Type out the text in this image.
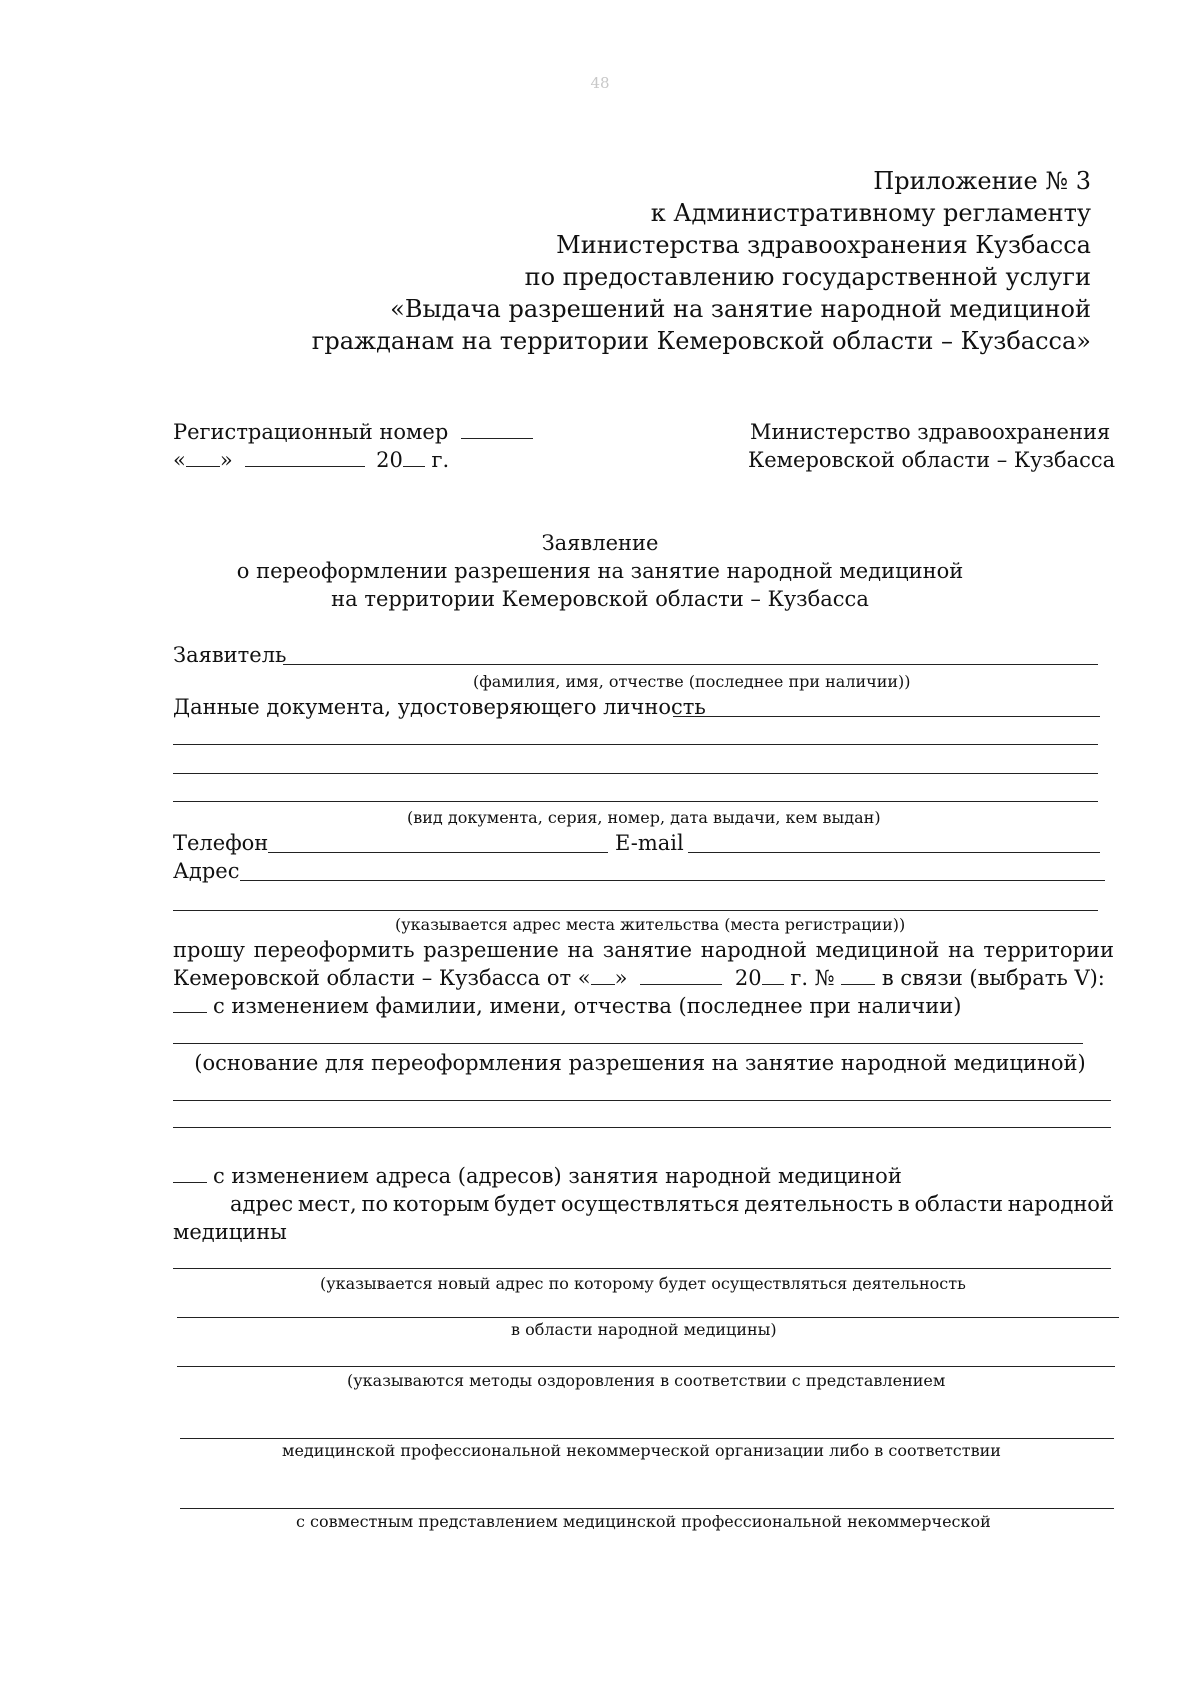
48
Приложение № 3
к Административному регламенту
Министерства здравоохранения Кузбасса
по предоставлению государственной услуги
«Выдача разрешений на занятие народной медициной
гражданам на территории Кемеровской области – Кузбасса»
Регистрационный номер
« »	20 г.
Министерство здравоохранения
Кемеровской области – Кузбасса
Заявление
о переоформлении разрешения на занятие народной медициной
на территории Кемеровской области – Кузбасса
Заявитель
(фамилия, имя, отчестве (последнее при наличии))
Данные документа, удостоверяющего личность
(вид документа, серия, номер, дата выдачи, кем выдан)
Телефон	E-mail
Адрес
(указывается адрес места жительства (места регистрации))
прошу переоформить разрешение на занятие народной медициной на территории
Кемеровской области – Кузбасса от « »	20 г. № в связи (выбрать V):
с изменением фамилии, имени, отчества (последнее при наличии)
(основание для переоформления разрешения на занятие народной медициной)
с изменением адреса (адресов) занятия народной медициной
адрес мест, по которым будет осуществляться деятельность в области народной
медицины
(указывается новый адрес по которому будет осуществляться деятельность
в области народной медицины)
(указываются методы оздоровления в соответствии с представлением
медицинской профессиональной некоммерческой организации либо в соответствии
с совместным представлением медицинской профессиональной некоммерческой
